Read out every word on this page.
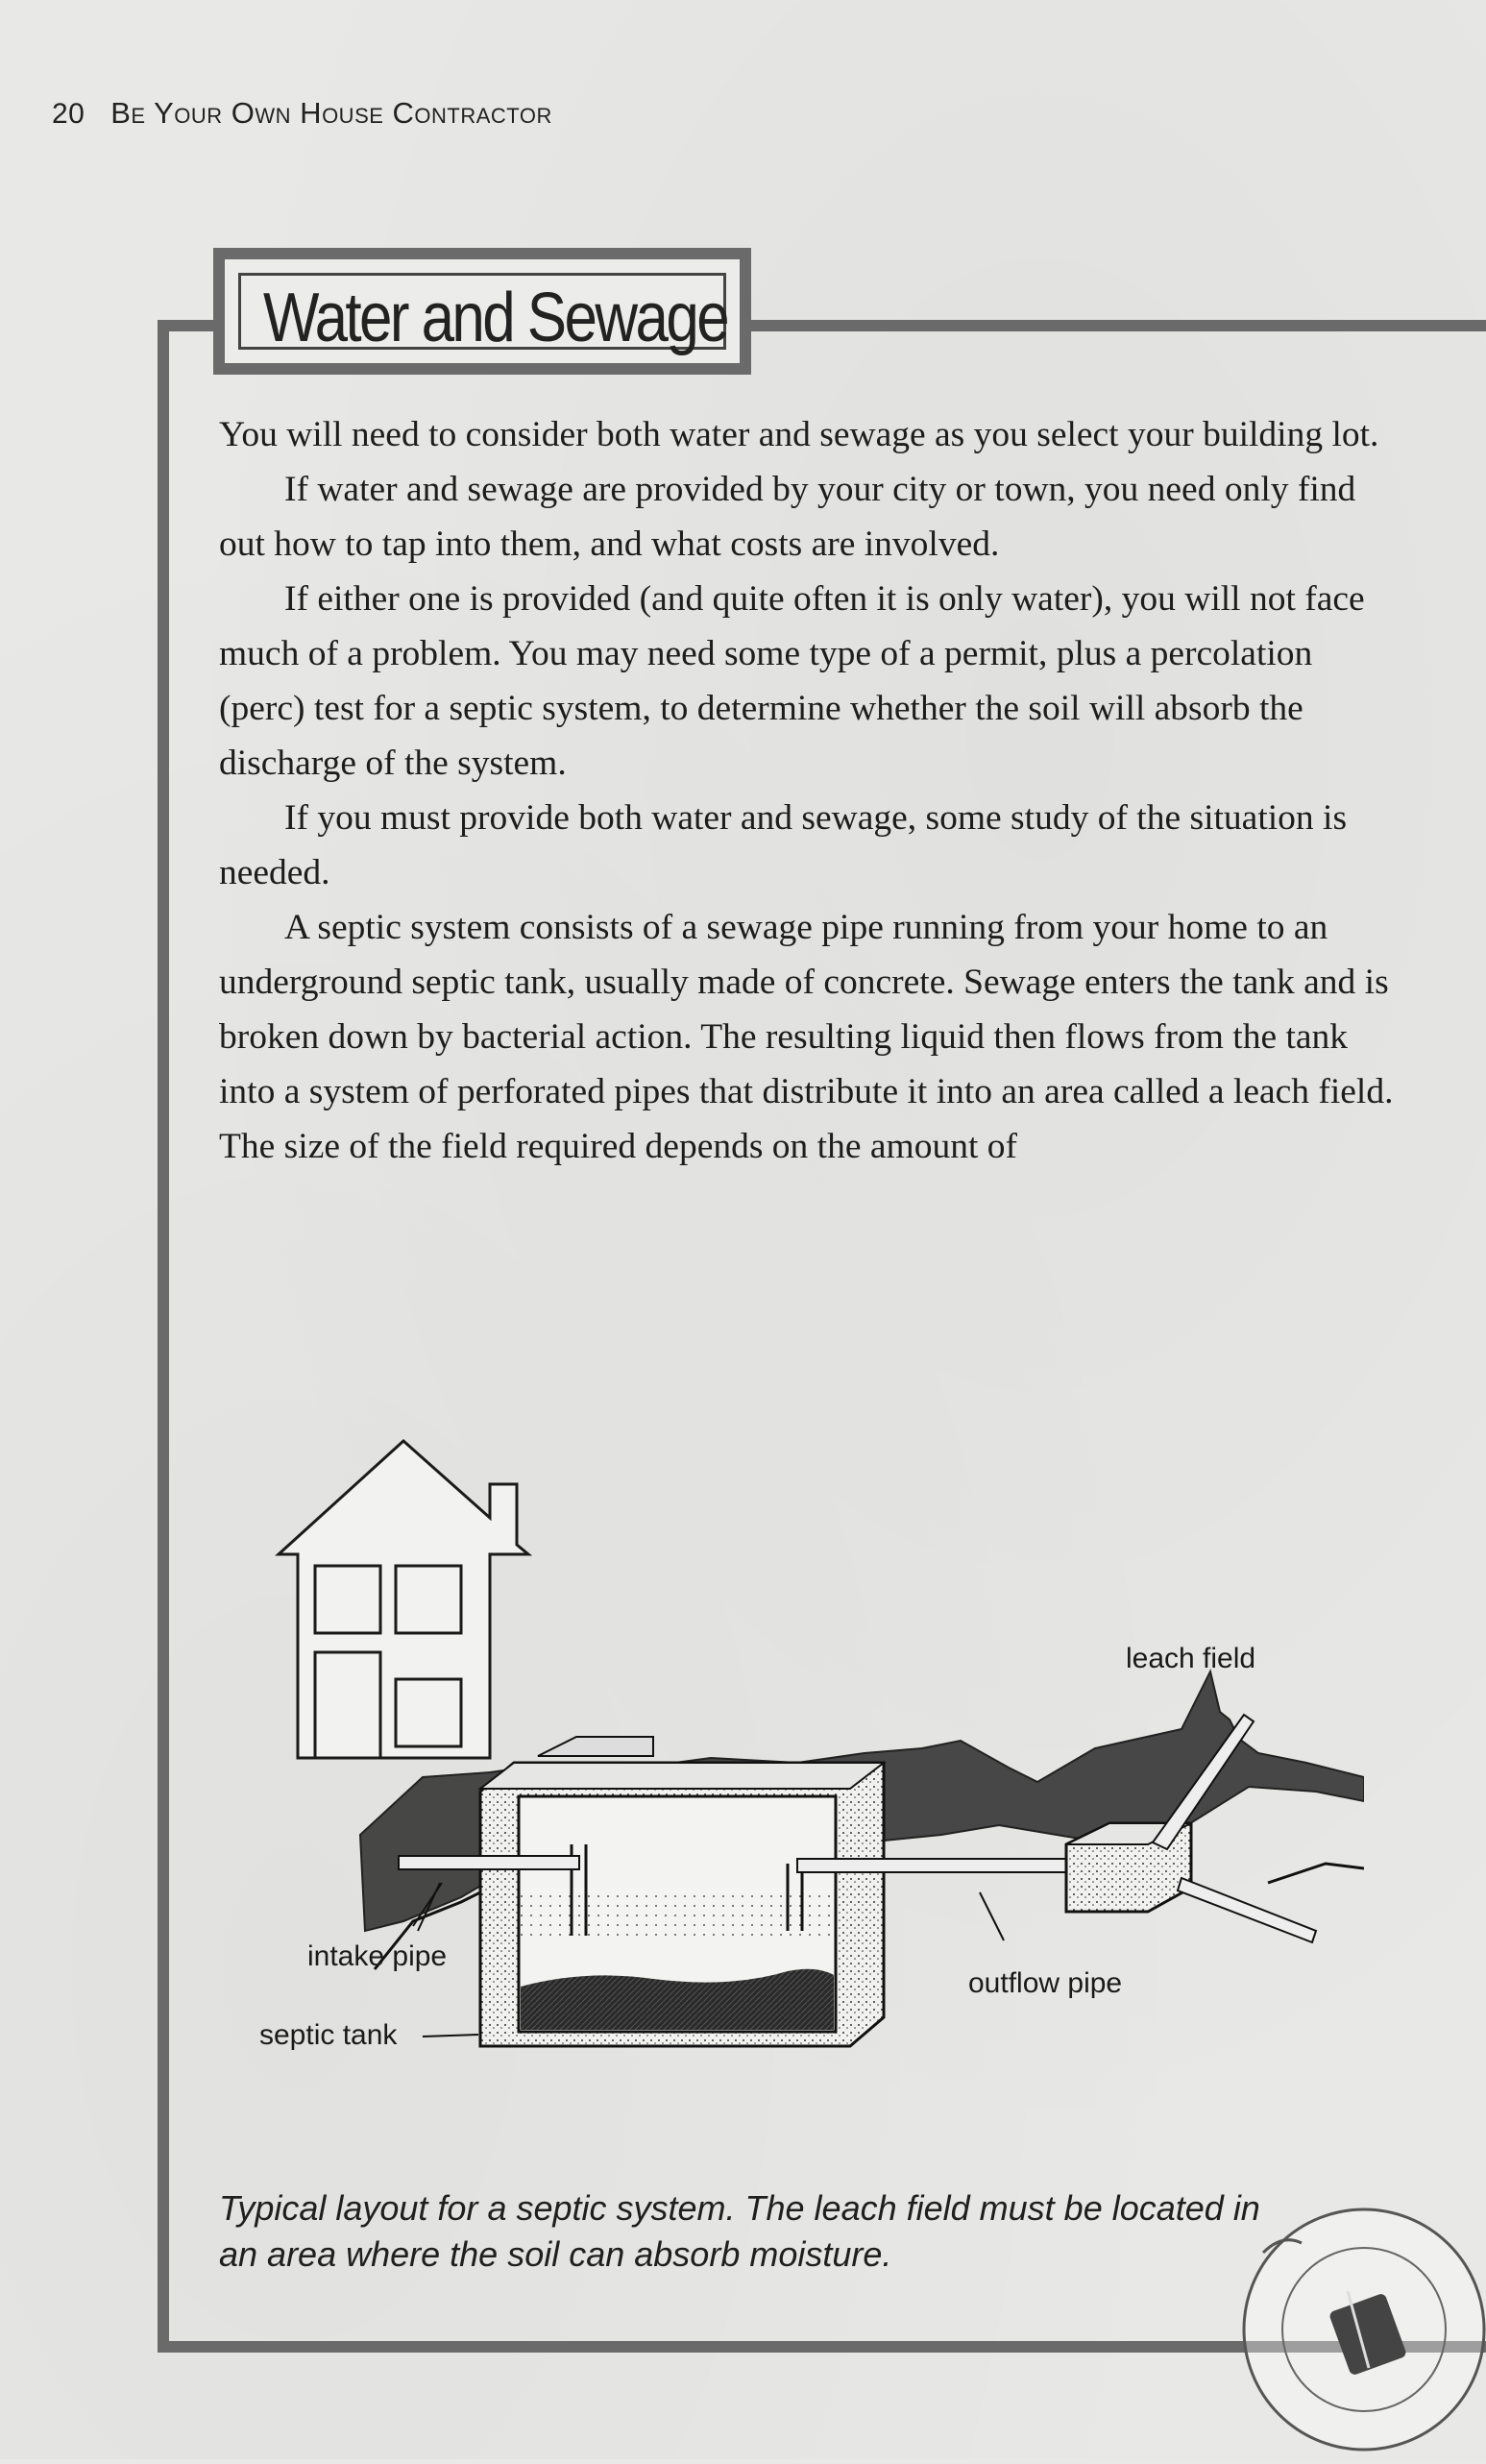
20 Be Your Own House Contractor
Water and Sewage

You will need to consider both water and sewage as you select your building lot.

If water and sewage are provided by your city or town, you need only find out how to tap into them, and what costs are involved.

If either one is provided (and quite often it is only water), you will not face much of a problem. You may need some type of a permit, plus a percolation (perc) test for a septic system, to determine whether the soil will absorb the discharge of the system.

If you must provide both water and sewage, some study of the situation is needed.

A septic system consists of a sewage pipe running from your home to an underground septic tank, usually made of concrete. Sewage enters the tank and is broken down by bacterial action. The resulting liquid then flows from the tank into a system of perforated pipes that distribute it into an area called a leach field. The size of the field required depends on the amount of

leach field
intake pipe
septic tank
outflow pipe
Typical layout for a septic system. The leach field must be located in an area where the soil can absorb moisture.
